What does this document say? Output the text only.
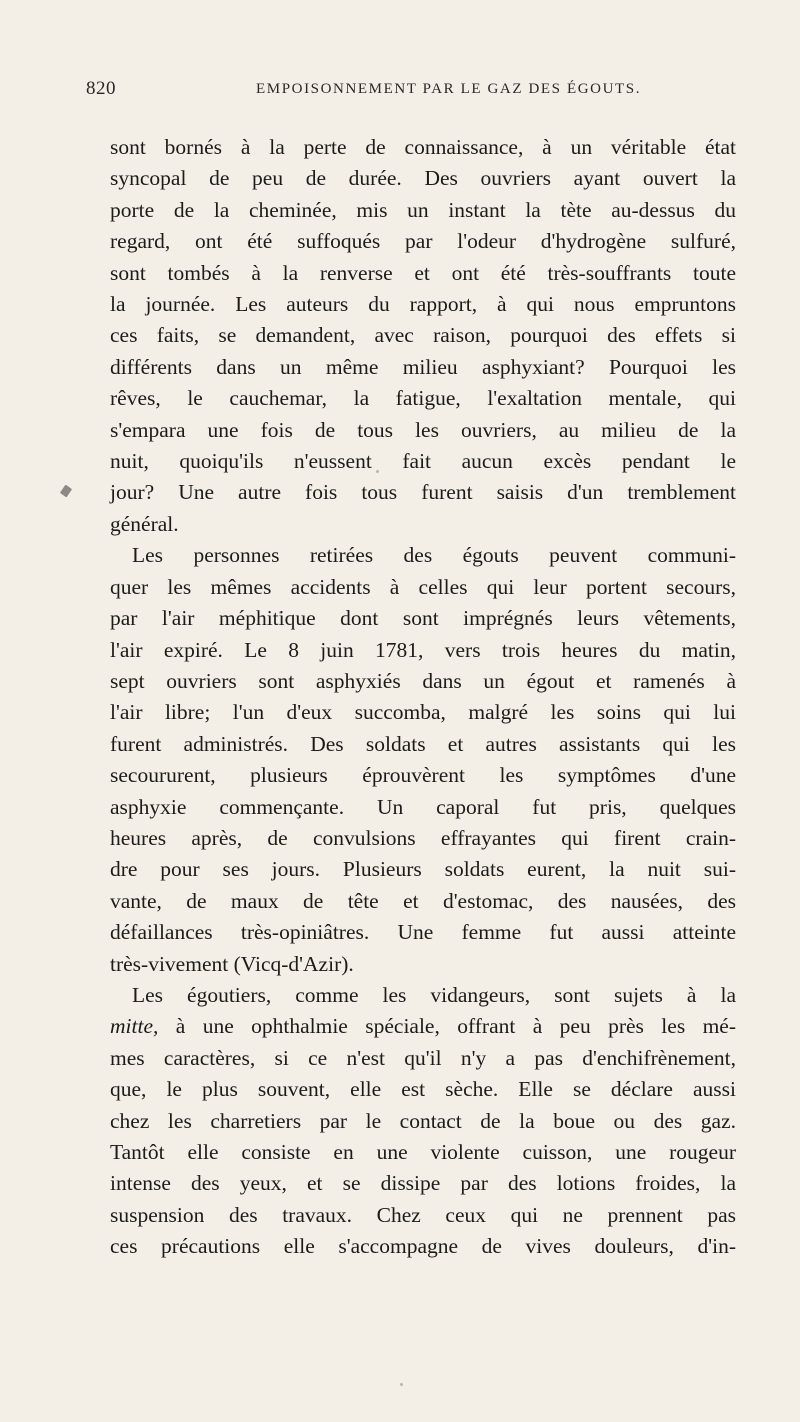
820	EMPOISONNEMENT PAR LE GAZ DES ÉGOUTS.

sont bornés à la perte de connaissance, à un véritable état
syncopal de peu de durée. Des ouvriers ayant ouvert la
porte de la cheminée, mis un instant la tète au-dessus du
regard, ont été suffoqués par l'odeur d'hydrogène sulfuré,
sont tombés à la renverse et ont été très-souffrants toute
la journée. Les auteurs du rapport, à qui nous empruntons
ces faits, se demandent, avec raison, pourquoi des effets si
différents dans un même milieu asphyxiant? Pourquoi les
rêves, le cauchemar, la fatigue, l'exaltation mentale, qui
s'empara une fois de tous les ouvriers, au milieu de la
nuit, quoiqu'ils n'eussent fait aucun excès pendant le
jour? Une autre fois tous furent saisis d'un tremblement
général.

Les personnes retirées des égouts peuvent communi-
quer les mêmes accidents à celles qui leur portent secours,
par l'air méphitique dont sont imprégnés leurs vêtements,
l'air expiré. Le 8 juin 1781, vers trois heures du matin,
sept ouvriers sont asphyxiés dans un égout et ramenés à
l'air libre; l'un d'eux succomba, malgré les soins qui lui
furent administrés. Des soldats et autres assistants qui les
secoururent, plusieurs éprouvèrent les symptômes d'une
asphyxie commençante. Un caporal fut pris, quelques
heures après, de convulsions effrayantes qui firent crain-
dre pour ses jours. Plusieurs soldats eurent, la nuit sui-
vante, de maux de tête et d'estomac, des nausées, des
défaillances très-opiniâtres. Une femme fut aussi atteinte
très-vivement (Vicq-d'Azir).

Les égoutiers, comme les vidangeurs, sont sujets à la
mitte, à une ophthalmie spéciale, offrant à peu près les mé-
mes caractères, si ce n'est qu'il n'y a pas d'enchifrènement,
que, le plus souvent, elle est sèche. Elle se déclare aussi
chez les charretiers par le contact de la boue ou des gaz.
Tantôt elle consiste en une violente cuisson, une rougeur
intense des yeux, et se dissipe par des lotions froides, la
suspension des travaux. Chez ceux qui ne prennent pas
ces précautions elle s'accompagne de vives douleurs, d'in-
